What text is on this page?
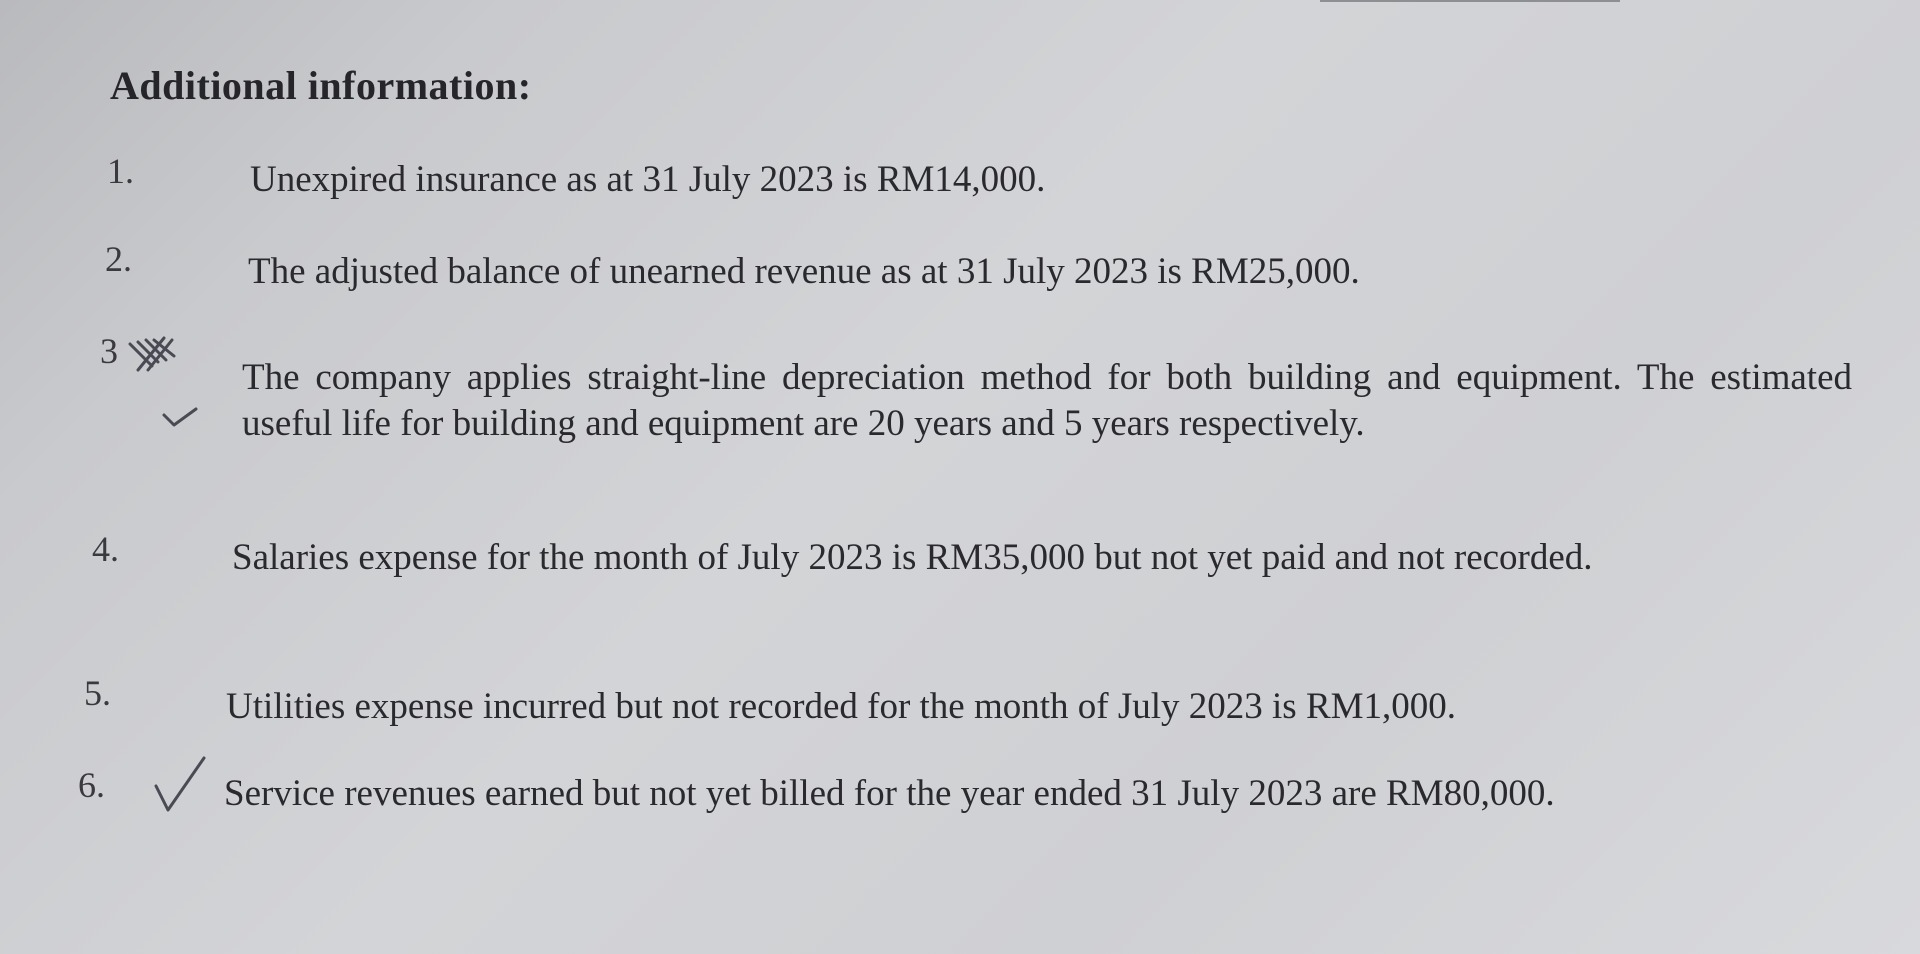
Additional information:
1.	Unexpired insurance as at 31 July 2023 is RM14,000.
2.	The adjusted balance of unearned revenue as at 31 July 2023 is RM25,000.
3
The company applies straight-line depreciation method for both building and equipment. The estimated useful life for building and equipment are 20 years and 5 years respectively.
4.	Salaries expense for the month of July 2023 is RM35,000 but not yet paid and not recorded.
5.	Utilities expense incurred but not recorded for the month of July 2023 is RM1,000.
6.	Service revenues earned but not yet billed for the year ended 31 July 2023 are RM80,000.
